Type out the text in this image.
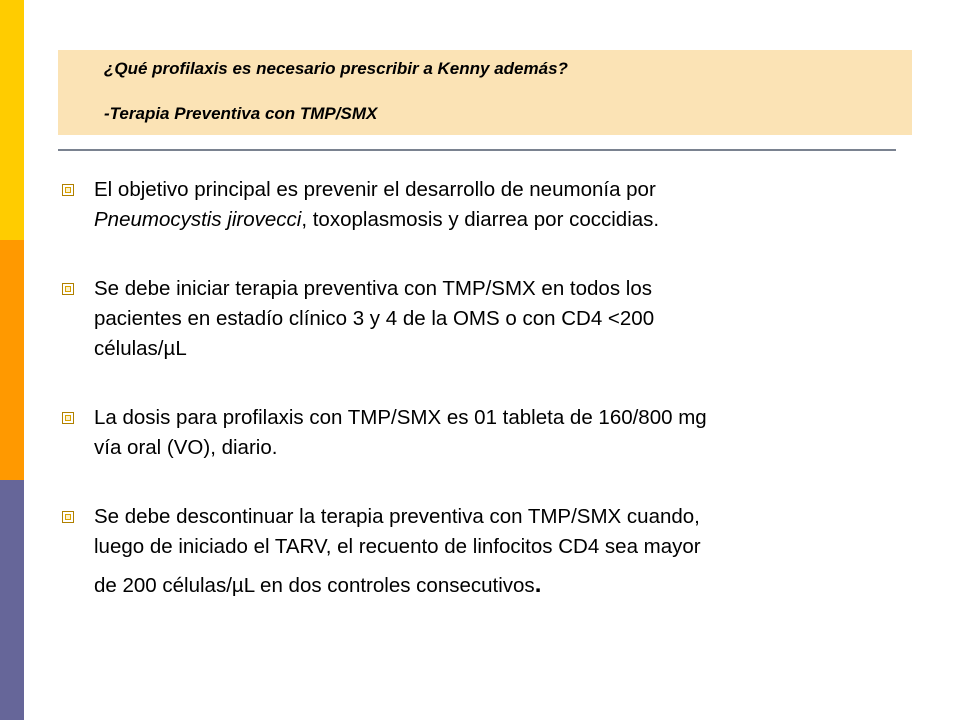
¿Qué profilaxis es necesario prescribir a Kenny además?
-Terapia Preventiva con TMP/SMX
El objetivo principal es prevenir el desarrollo de neumonía por
Pneumocystis jirovecci, toxoplasmosis y diarrea por coccidias.
Se debe iniciar terapia preventiva con TMP/SMX en todos los
pacientes en estadío clínico 3 y 4 de la OMS o con CD4 <200
células/µL
La dosis para profilaxis con TMP/SMX es 01 tableta de 160/800 mg
vía oral (VO), diario.
Se debe descontinuar la terapia preventiva con TMP/SMX cuando,
luego de iniciado el TARV, el recuento de linfocitos CD4 sea mayor
de 200 células/µL en dos controles consecutivos.
